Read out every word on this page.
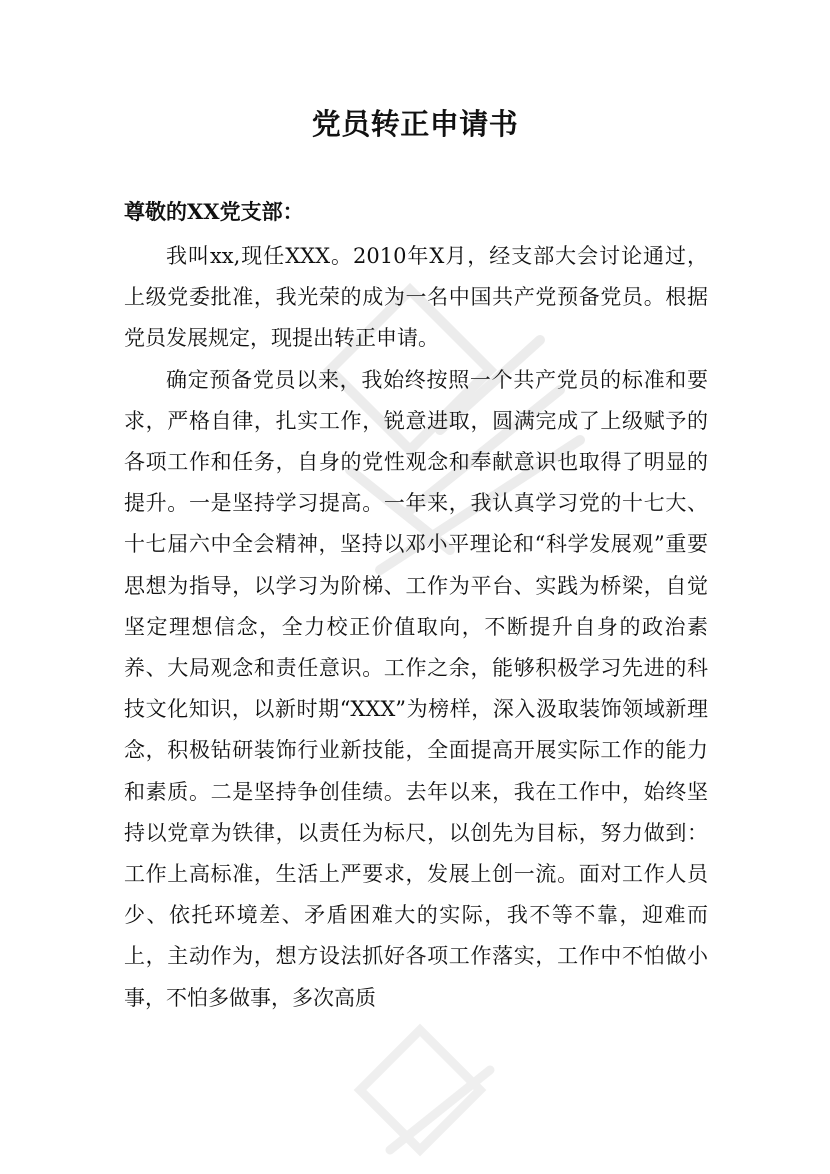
党员转正申请书
尊敬的XX党支部：

我叫xx,现任XXX。2010年X月，经支部大会讨论通过，上级党委批准，我光荣的成为一名中国共产党预备党员。根据党员发展规定，现提出转正申请。

确定预备党员以来，我始终按照一个共产党员的标准和要求，严格自律，扎实工作，锐意进取，圆满完成了上级赋予的各项工作和任务，自身的党性观念和奉献意识也取得了明显的提升。一是坚持学习提高。一年来，我认真学习党的十七大、十七届六中全会精神，坚持以邓小平理论和“科学发展观”重要思想为指导，以学习为阶梯、工作为平台、实践为桥梁，自觉坚定理想信念，全力校正价值取向，不断提升自身的政治素养、大局观念和责任意识。工作之余，能够积极学习先进的科技文化知识，以新时期“XXX”为榜样，深入汲取装饰领域新理念，积极钻研装饰行业新技能，全面提高开展实际工作的能力和素质。二是坚持争创佳绩。去年以来，我在工作中，始终坚持以党章为铁律，以责任为标尺，以创先为目标，努力做到：工作上高标准，生活上严要求，发展上创一流。面对工作人员少、依托环境差、矛盾困难大的实际，我不等不靠，迎难而上，主动作为，想方设法抓好各项工作落实，工作中不怕做小事，不怕多做事，多次高质
